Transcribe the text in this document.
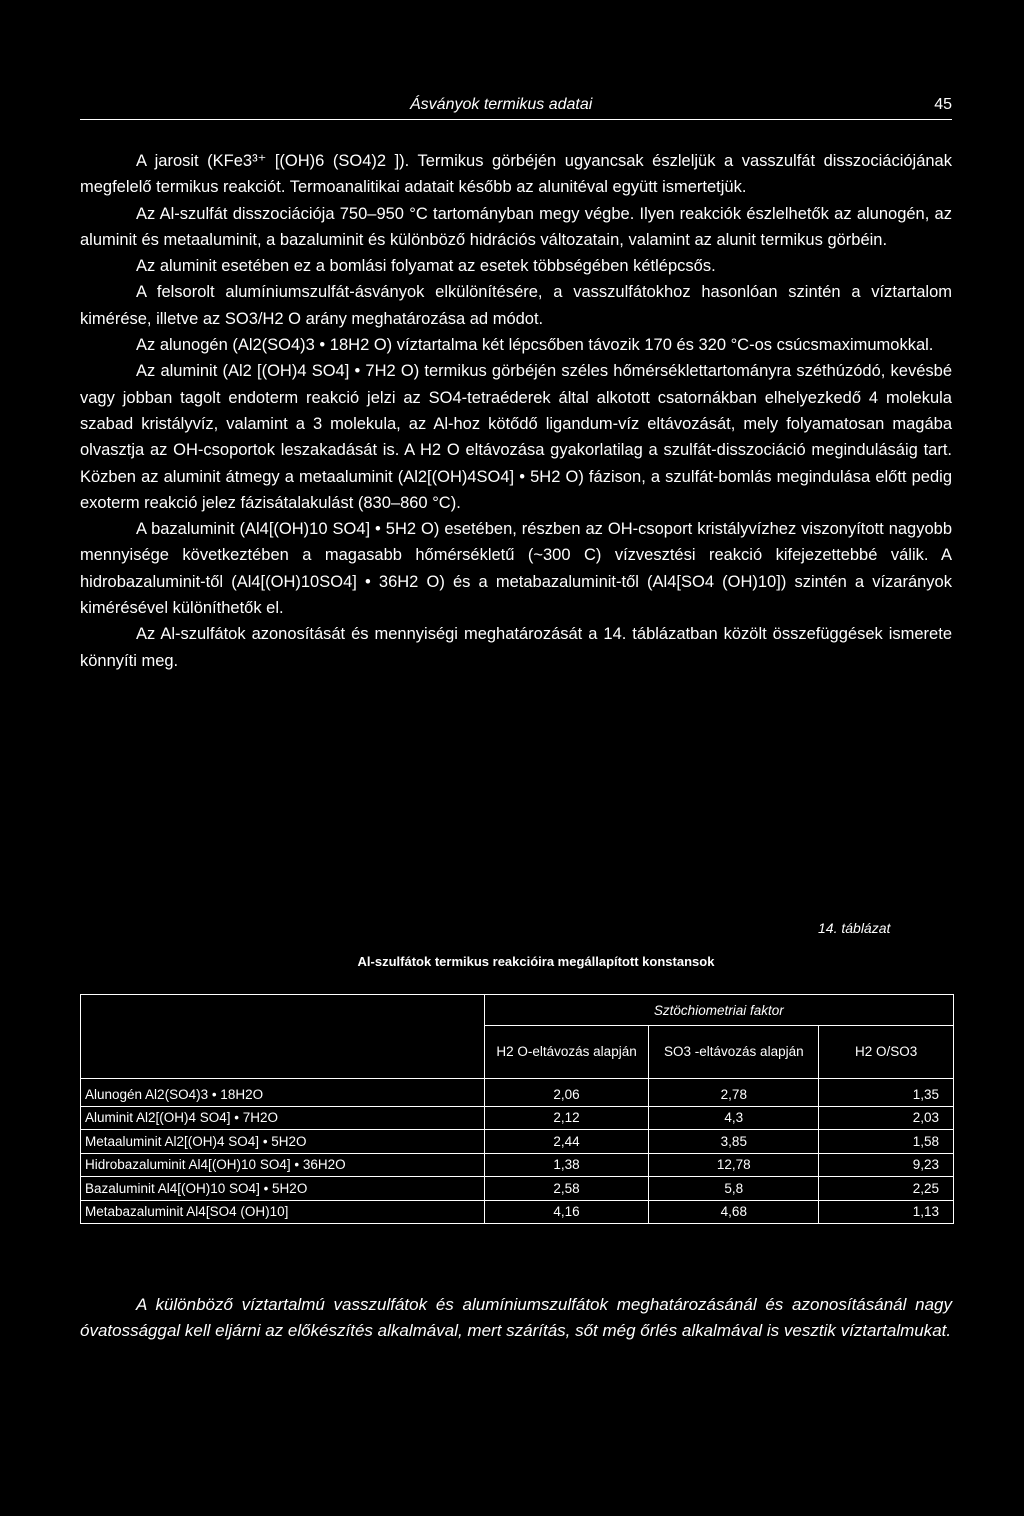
Ásványok termikus adatai	45

A jarosit (KFe3³⁺ [(OH)6 (SO4)2 ]). Termikus görbéjén ugyancsak észleljük a vasszulfát disszociációjának megfelelő termikus reakciót. Termoanalitikai adatait később az alunitéval együtt ismertetjük.

Az Al-szulfát disszociációja 750–950 °C tartományban megy végbe. Ilyen reakciók észlelhetők az alunogén, az aluminit és metaaluminit, a bazaluminit és különböző hidrációs változatain, valamint az alunit termikus görbéin.

Az aluminit esetében ez a bomlási folyamat az esetek többségében kétlépcsős.

A felsorolt alumíniumszulfát-ásványok elkülönítésére, a vasszulfátokhoz hasonlóan szintén a víztartalom kimérése, illetve az SO3/H2 O arány meghatározása ad módot.

Az alunogén (Al2(SO4)3 • 18H2 O) víztartalma két lépcsőben távozik 170 és 320 °C-os csúcsmaximumokkal.

Az aluminit (Al2 [(OH)4 SO4] • 7H2 O) termikus görbéjén széles hőmérséklettartományra széthúzódó, kevésbé vagy jobban tagolt endoterm reakció jelzi az SO4-tetraéderek által alkotott csatornákban elhelyezkedő 4 molekula szabad kristályvíz, valamint a 3 molekula, az Al-hoz kötődő ligandum-víz eltávozását, mely folyamatosan magába olvasztja az OH-csoportok leszakadását is. A H2 O eltávozása gyakorlatilag a szulfát-disszociáció megindulásáig tart. Közben az aluminit átmegy a metaaluminit (Al2[(OH)4SO4] • 5H2 O) fázison, a szulfát-bomlás megindulása előtt pedig exoterm reakció jelez fázisátalakulást (830–860 °C).

A bazaluminit (Al4[(OH)10 SO4] • 5H2 O) esetében, részben az OH-csoport kristályvízhez viszonyított nagyobb mennyisége következtében a magasabb hőmérsékletű (~300 C) vízvesztési reakció kifejezettebbé válik. A hidrobazaluminit-től (Al4[(OH)10SO4] • 36H2 O) és a metabazaluminit-től (Al4[SO4 (OH)10]) szintén a vízarányok kimérésével különíthetők el.

Az Al-szulfátok azonosítását és mennyiségi meghatározását a 14. táblázatban közölt összefüggések ismerete könnyíti meg.

14. táblázat
Al-szulfátok termikus reakcióira megállapított konstansok
	Sztöchiometriai faktor		
	H2 O-eltávozás alapján	SO3 -eltávozás alapján	H2 O/SO3
Alunogén Al2(SO4)3 • 18H2O	2,06	2,78	1,35
Aluminit Al2[(OH)4 SO4] • 7H2O	2,12	4,3	2,03
Metaaluminit Al2[(OH)4 SO4] • 5H2O	2,44	3,85	1,58
Hidrobazaluminit Al4[(OH)10 SO4] • 36H2O	1,38	12,78	9,23
Bazaluminit Al4[(OH)10 SO4] • 5H2O	2,58	5,8	2,25
Metabazaluminit Al4[SO4 (OH)10]	4,16	4,68	1,13

A különböző víztartalmú vasszulfátok és alumíniumszulfátok meghatározásánál és azonosításánál nagy óvatossággal kell eljárni az előkészítés alkalmával, mert szárítás, sőt még őrlés alkalmával is vesztik víztartalmukat.
